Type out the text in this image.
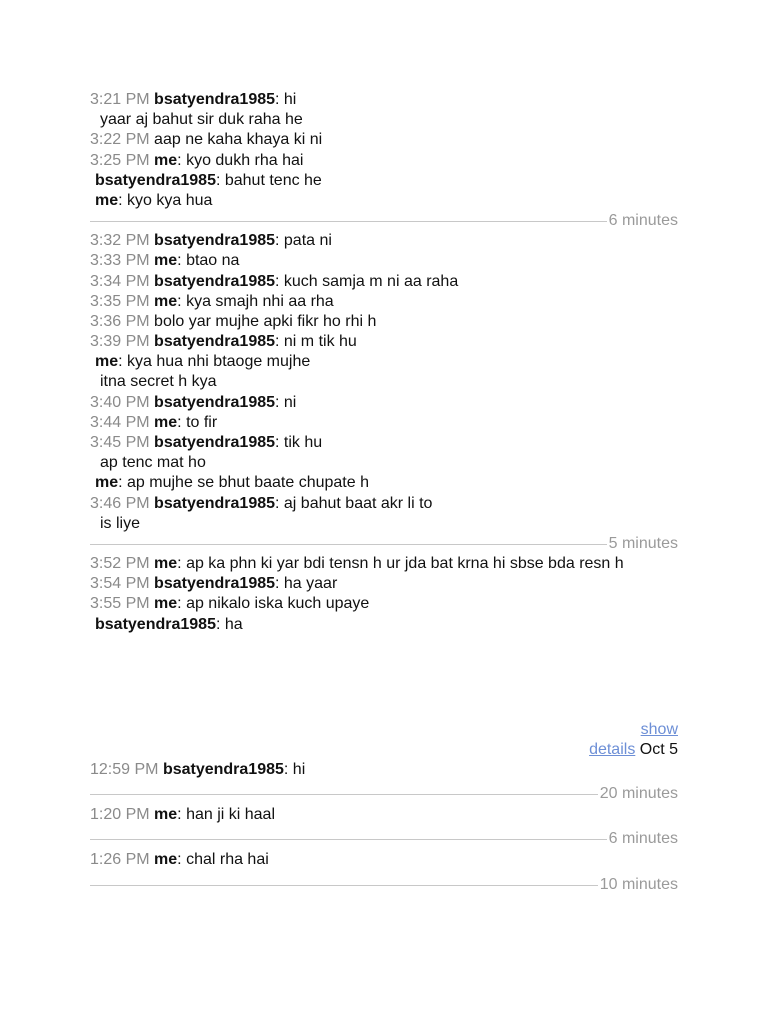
3:21 PM bsatyendra1985: hi
yaar aj bahut sir duk raha he
3:22 PM aap ne kaha khaya ki ni
3:25 PM me: kyo dukh rha hai
bsatyendra1985: bahut tenc he
me: kyo kya hua
6 minutes
3:32 PM bsatyendra1985: pata ni
3:33 PM me: btao na
3:34 PM bsatyendra1985: kuch samja m ni aa raha
3:35 PM me: kya smajh nhi aa rha
3:36 PM bolo yar mujhe apki fikr ho rhi h
3:39 PM bsatyendra1985: ni m tik hu
me: kya hua nhi btaoge mujhe
itna secret h kya
3:40 PM bsatyendra1985: ni
3:44 PM me: to fir
3:45 PM bsatyendra1985: tik hu
ap tenc mat ho
me: ap mujhe se bhut baate chupate h
3:46 PM bsatyendra1985: aj bahut baat akr li to
is liye
5 minutes
3:52 PM me: ap ka phn ki yar bdi tensn h ur jda bat krna hi sbse bda resn h
3:54 PM bsatyendra1985: ha yaar
3:55 PM me: ap nikalo iska kuch upaye
bsatyendra1985: ha
show
details Oct 5
12:59 PM bsatyendra1985: hi
20 minutes
1:20 PM me: han ji ki haal
6 minutes
1:26 PM me: chal rha hai
10 minutes
